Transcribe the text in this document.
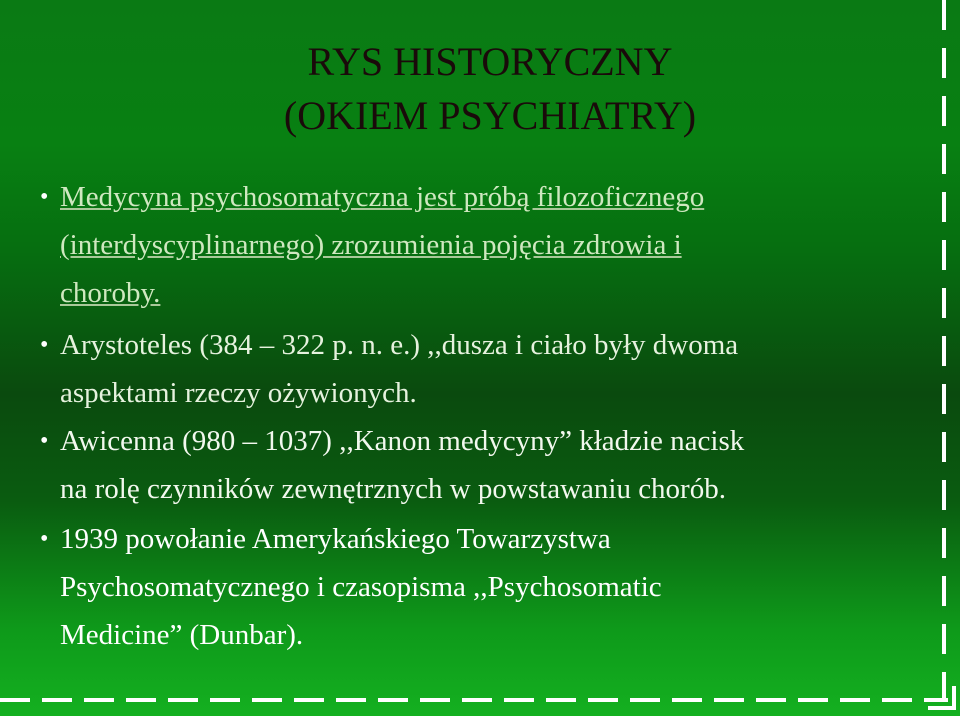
RYS HISTORYCZNY
(OKIEM PSYCHIATRY)
• Medycyna psychosomatyczna jest próbą filozoficznego
(interdyscyplinarnego) zrozumienia pojęcia zdrowia i
choroby.
• Arystoteles (384 – 322 p. n. e.) ,,dusza i ciało były dwoma
aspektami rzeczy ożywionych.
• Awicenna (980 – 1037) ,,Kanon medycyny” kładzie nacisk
na rolę czynników zewnętrznych w powstawaniu chorób.
• 1939 powołanie Amerykańskiego Towarzystwa
Psychosomatycznego i czasopisma ,,Psychosomatic
Medicine” (Dunbar).
